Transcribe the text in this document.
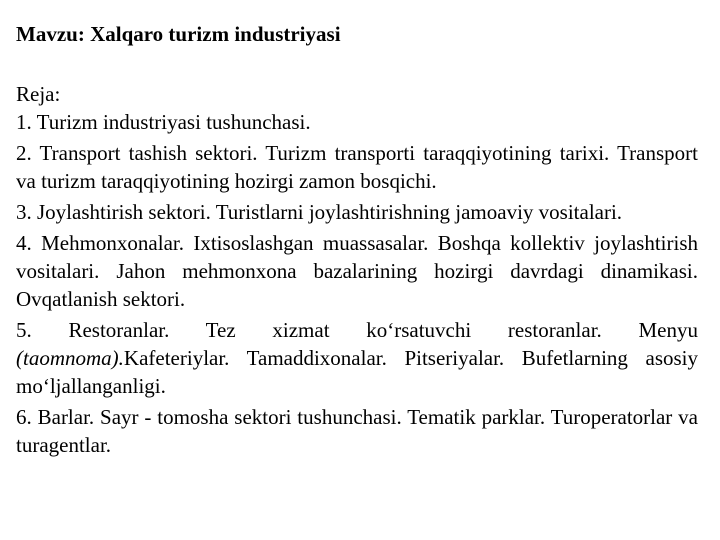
Mavzu: Xalqaro turizm industriyasi
Reja:
1. Turizm industriyasi tushunchasi.
2. Transport tashish sektori. Turizm transporti taraqqiyotining tarixi. Transport va turizm taraqqiyotining hozirgi zamon bosqichi.
3. Joylashtirish sektori. Turistlarni joylashtirishning jamoaviy vositalari.
4. Mehmonxonalar. Ixtisoslashgan muassasalar. Boshqa kollektiv joylashtirish vositalari. Jahon mehmonxona bazalarining hozirgi davrdagi dinamikasi. Ovqatlanish sektori.
5. Restoranlar. Tez xizmat ko‘rsatuvchi restoranlar. Menyu (taomnoma).Kafeteriylar. Tamaddixonalar. Pitseriyalar. Bufetlarning asosiy mo‘ljallanganligi.
6. Barlar. Sayr - tomosha sektori tushunchasi. Tematik parklar. Turoperatorlar va turagentlar.
